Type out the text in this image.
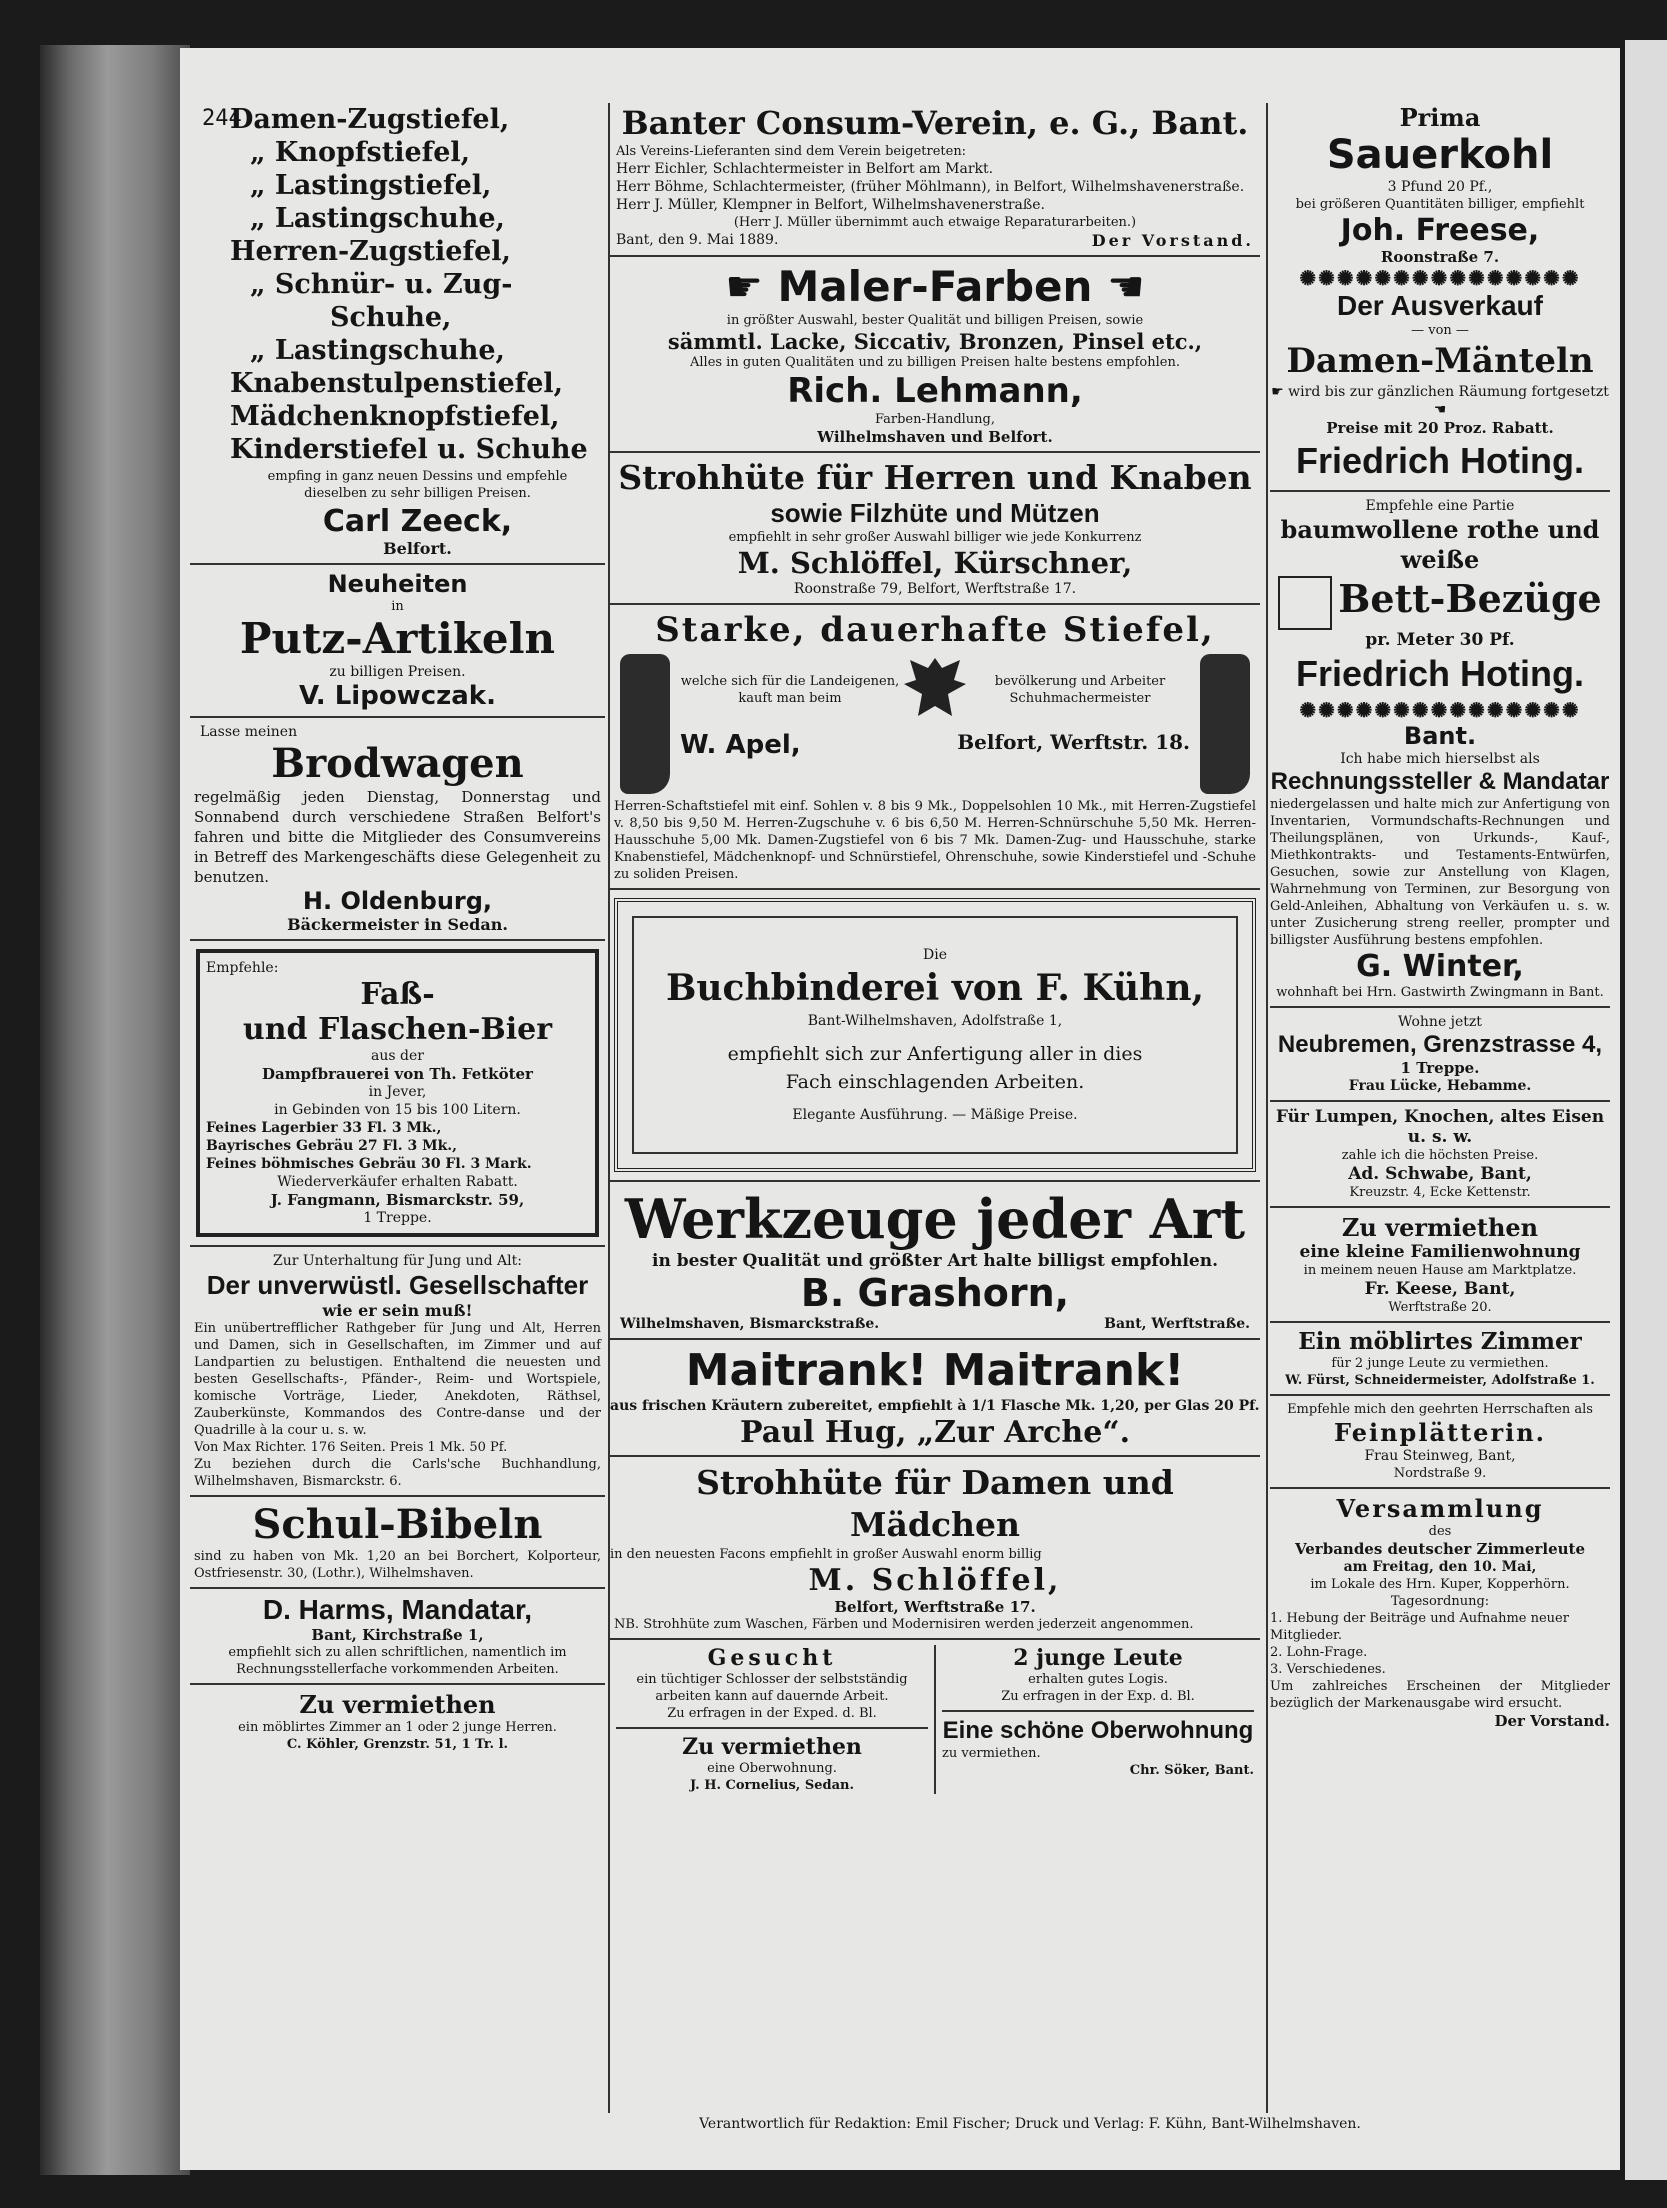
244
Damen-Zugstiefel,
„ Knopfstiefel,
„ Lastingstiefel,
„ Lastingschuhe,
Herren-Zugstiefel,
„ Schnür- u. Zug-
Schuhe,
„ Lastingschuhe,
Knabenstulpenstiefel,
Mädchenknopfstiefel,
Kinderstiefel u. Schuhe
empfing in ganz neuen Dessins und empfehle dieselben zu sehr billigen Preisen.
Carl Zeeck,
Belfort.
Neuheiten
in
Putz-Artikeln
zu billigen Preisen.
V. Lipowczak.
Lasse meinen
Brodwagen
regelmäßig jeden Dienstag, Donnerstag und Sonnabend durch verschiedene Straßen Belfort's fahren und bitte die Mitglieder des Consumvereins in Betreff des Markengeschäfts diese Gelegenheit zu benutzen.
H. Oldenburg,
Bäckermeister in Sedan.
Empfehle:
Faß-
und Flaschen-Bier
aus der
Dampfbrauerei von Th. Fetköter
in Jever,
in Gebinden von 15 bis 100 Litern.
Feines Lagerbier 33 Fl. 3 Mk.,
Bayrisches Gebräu 27 Fl. 3 Mk.,
Feines böhmisches Gebräu 30 Fl. 3 Mark.
Wiederverkäufer erhalten Rabatt.
J. Fangmann, Bismarckstr. 59,
1 Treppe.
Zur Unterhaltung für Jung und Alt:
Der unverwüstl. Gesellschafter
wie er sein muß!
Ein unübertrefflicher Rathgeber für Jung und Alt, Herren und Damen, sich in Gesellschaften, im Zimmer und auf Landpartien zu belustigen. Enthaltend die neuesten und besten Gesellschafts-, Pfänder-, Reim- und Wortspiele, komische Vorträge, Lieder, Anekdoten, Räthsel, Zauberkünste, Kommandos des Contre-danse und der Quadrille à la cour u. s. w.
Von Max Richter. 176 Seiten. Preis 1 Mk. 50 Pf.
Zu beziehen durch die Carls'sche Buchhandlung, Wilhelmshaven, Bismarckstr. 6.
Schul-Bibeln
sind zu haben von Mk. 1,20 an bei Borchert, Kolporteur, Ostfriesenstr. 30, (Lothr.), Wilhelmshaven.
D. Harms, Mandatar,
Bant, Kirchstraße 1,
empfiehlt sich zu allen schriftlichen, namentlich im Rechnungsstellerfache vorkommenden Arbeiten.
Zu vermiethen
ein möblirtes Zimmer an 1 oder 2 junge Herren.
C. Köhler, Grenzstr. 51, 1 Tr. l.
Banter Consum-Verein, e. G., Bant.
Als Vereins-Lieferanten sind dem Verein beigetreten:
Herr Eichler, Schlachtermeister in Belfort am Markt.
Herr Böhme, Schlachtermeister, (früher Möhlmann), in Belfort, Wilhelmshavenerstraße.
Herr J. Müller, Klempner in Belfort, Wilhelmshavenerstraße.
(Herr J. Müller übernimmt auch etwaige Reparaturarbeiten.)
Bant, den 9. Mai 1889.	Der Vorstand.
☛ Maler-Farben ☚
in größter Auswahl, bester Qualität und billigen Preisen, sowie
sämmtl. Lacke, Siccativ, Bronzen, Pinsel etc.,
Alles in guten Qualitäten und zu billigen Preisen halte bestens empfohlen.
Rich. Lehmann,
Farben-Handlung,
Wilhelmshaven und Belfort.
Strohhüte für Herren und Knaben
sowie Filzhüte und Mützen
empfiehlt in sehr großer Auswahl billiger wie jede Konkurrenz
M. Schlöffel, Kürschner,
Roonstraße 79, Belfort, Werftstraße 17.
Starke, dauerhafte Stiefel,
welche sich für die Landeigenen, kauft man beim
bevölkerung und Arbeiter Schuhmachermeister
W. Apel,	Belfort, Werftstr. 18.
Herren-Schaftstiefel mit einf. Sohlen v. 8 bis 9 Mk., Doppelsohlen 10 Mk., mit Herren-Zugstiefel v. 8,50 bis 9,50 M. Herren-Zugschuhe v. 6 bis 6,50 M. Herren-Schnürschuhe 5,50 Mk. Herren-Hausschuhe 5,00 Mk. Damen-Zugstiefel von 6 bis 7 Mk. Damen-Zug- und Hausschuhe, starke Knabenstiefel, Mädchenknopf- und Schnürstiefel, Ohrenschuhe, sowie Kinderstiefel und -Schuhe zu soliden Preisen.
Die
Buchbinderei von F. Kühn,
Bant-Wilhelmshaven, Adolfstraße 1,
empfiehlt sich zur Anfertigung aller in dies Fach einschlagenden Arbeiten.
Elegante Ausführung. — Mäßige Preise.
Werkzeuge jeder Art
in bester Qualität und größter Art halte billigst empfohlen.
B. Grashorn,
Wilhelmshaven, Bismarckstraße.	Bant, Werftstraße.
Maitrank! Maitrank!
aus frischen Kräutern zubereitet, empfiehlt à 1/1 Flasche Mk. 1,20, per Glas 20 Pf.
Paul Hug, „Zur Arche“.
Strohhüte für Damen und Mädchen
in den neuesten Facons empfiehlt in großer Auswahl enorm billig
M. Schlöffel,
Belfort, Werftstraße 17.
NB. Strohhüte zum Waschen, Färben und Modernisiren werden jederzeit angenommen.
Gesucht
ein tüchtiger Schlosser der selbstständig arbeiten kann auf dauernde Arbeit.
Zu erfragen in der Exped. d. Bl.
Zu vermiethen
eine Oberwohnung.
J. H. Cornelius, Sedan.
2 junge Leute
erhalten gutes Logis.
Zu erfragen in der Exp. d. Bl.
Eine schöne Oberwohnung
zu vermiethen.
Chr. Söker, Bant.
Prima
Sauerkohl
3 Pfund 20 Pf.,
bei größeren Quantitäten billiger, empfiehlt
Joh. Freese,
Roonstraße 7.
✺✺✺✺✺✺✺✺✺✺✺✺✺✺✺
Der Ausverkauf
— von —
Damen-Mänteln
☛ wird bis zur gänzlichen Räumung fortgesetzt ☚
Preise mit 20 Proz. Rabatt.
Friedrich Hoting.
Empfehle eine Partie
baumwollene rothe und weiße
Bett-Bezüge
pr. Meter 30 Pf.
Friedrich Hoting.
✺✺✺✺✺✺✺✺✺✺✺✺✺✺✺
Bant.
Ich habe mich hierselbst als
Rechnungssteller & Mandatar
niedergelassen und halte mich zur Anfertigung von Inventarien, Vormundschafts-Rechnungen und Theilungsplänen, von Urkunds-, Kauf-, Miethkontrakts- und Testaments-Entwürfen, Gesuchen, sowie zur Anstellung von Klagen, Wahrnehmung von Terminen, zur Besorgung von Geld-Anleihen, Abhaltung von Verkäufen u. s. w. unter Zusicherung streng reeller, prompter und billigster Ausführung bestens empfohlen.
G. Winter,
wohnhaft bei Hrn. Gastwirth Zwingmann in Bant.
Wohne jetzt
Neubremen, Grenzstrasse 4,
1 Treppe.
Frau Lücke, Hebamme.
Für Lumpen, Knochen, altes Eisen u. s. w.
zahle ich die höchsten Preise.
Ad. Schwabe, Bant,
Kreuzstr. 4, Ecke Kettenstr.
Zu vermiethen
eine kleine Familienwohnung
in meinem neuen Hause am Marktplatze.
Fr. Keese, Bant,
Werftstraße 20.
Ein möblirtes Zimmer
für 2 junge Leute zu vermiethen.
W. Fürst, Schneidermeister, Adolfstraße 1.
Empfehle mich den geehrten Herrschaften als
Feinplätterin.
Frau Steinweg, Bant,
Nordstraße 9.
Versammlung
des
Verbandes deutscher Zimmerleute
am Freitag, den 10. Mai,
im Lokale des Hrn. Kuper, Kopperhörn.
Tagesordnung:
1. Hebung der Beiträge und Aufnahme neuer Mitglieder.
2. Lohn-Frage.
3. Verschiedenes.
Um zahlreiches Erscheinen der Mitglieder bezüglich der Markenausgabe wird ersucht.
Der Vorstand.
Verantwortlich für Redaktion: Emil Fischer; Druck und Verlag: F. Kühn, Bant-Wilhelmshaven.
